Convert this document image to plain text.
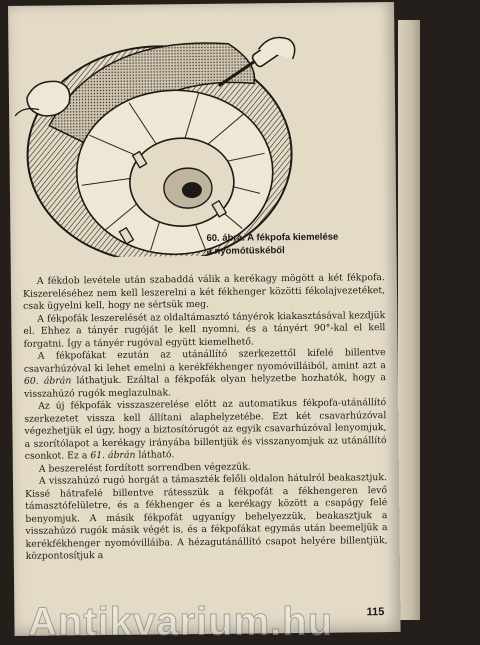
60. ábra. A fékpofa kiemelése
a nyomótüskéből

A fékdob levétele után szabaddá válik a kerékagy mögött a két fékpofa. Kiszereléséhez nem kell leszerelni a két fékhenger közötti fékolajvezetéket, csak ügyelni kell, hogy ne sértsük meg.

A fékpofák leszerelését az oldaltámasztó tányérok kiakasztásával kezdjük el. Ehhez a tányér rugóját le kell nyomni, és a tányért 90°-kal el kell forgatni. Így a tányér rugóval együtt kiemelhető.

A fékpofákat ezután az utánállító szerkezettől kifelé billentve csavarhúzóval ki lehet emelni a kerékfékhenger nyomóvilláiból, amint azt a 60. ábrán láthatjuk. Ezáltal a fékpofák olyan helyzetbe hozhatók, hogy a visszahúzó rugók meglazulnak.

Az új fékpofák visszaszerelése előtt az automatikus fékpofa-utánállító szerkezetet vissza kell állítani alaphelyzetébe. Ezt két csavarhúzóval végezhetjük el úgy, hogy a biztosítórugót az egyik csavarhúzóval lenyomjuk, a szorítólapot a kerékagy irányába billentjük és visszanyomjuk az utánállító csonkot. Ez a 61. ábrán látható.

A beszerelést fordított sorrendben végezzük.

A visszahúzó rugó horgát a támaszték felőli oldalon hátulról beakasztjuk. Kissé hátrafelé billentve rátesszük a fékpofát a fékhengeren levő támasztófelületre, és a fékhenger és a kerékagy között a csapágy felé benyomjuk. A másik fékpofát ugyanígy behelyezzük, beakasztjuk a visszahúzó rugók másik végét is, és a fékpofákat egymás után beemeljük a kerékfékhenger nyomóvilláiba. A hézagutánállító csapot helyére billentjük, központosítjuk a

115
Antikvarium.hu
